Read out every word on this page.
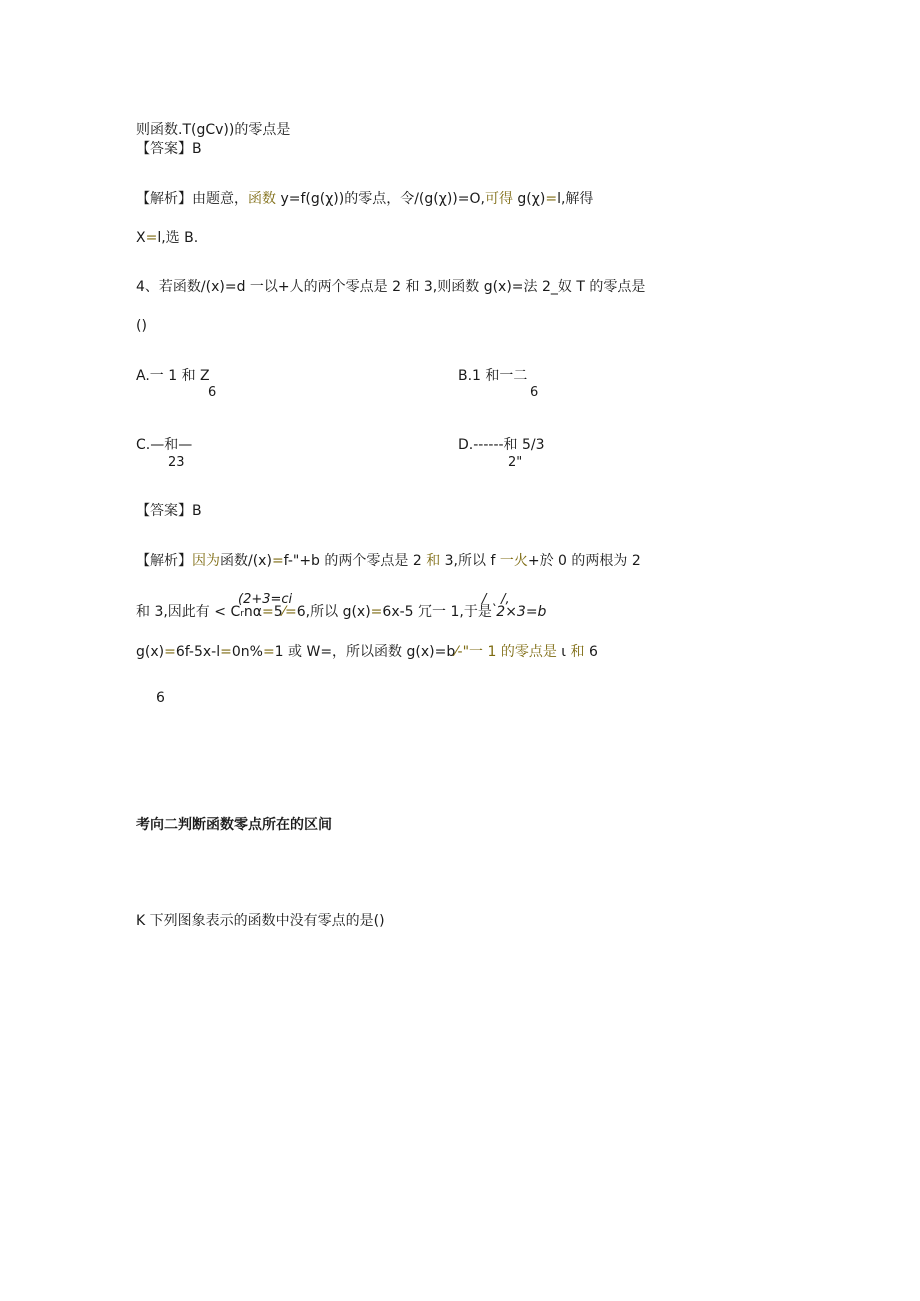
则函数.T(gCv))的零点是
【答案】B
【解析】由题意，函数 y=f(g(χ))的零点，令/(g(χ))=O,可得 g(χ)=l,解得
X=l,选 B.
4、若函数/(x)=d 一以+人的两个零点是 2 和 3,则函数 g(x)=法 2_奴 T 的零点是
()
A.一 1 和 Z
6
B.1 和一二
6
C.—和—
23
D.------和 5/3
2"
【答案】B
【解析】因为函数/(x)=f-"+b 的两个零点是 2 和 3,所以 f 一火+於 0 的两根为 2
(2+3=ci	/ ˎ /,
和 3,因此有 < Crnα=5⁄=6,所以 g(x)=6x-5 冗一 1,于是 2×3=b
g(x)=6f-5x-l=0n%=1 或 W=，所以函数 g(x)=b⁄-"一 1 的零点是 ι 和 6
6
考向二判断函数零点所在的区间
K 下列图象表示的函数中没有零点的是()
